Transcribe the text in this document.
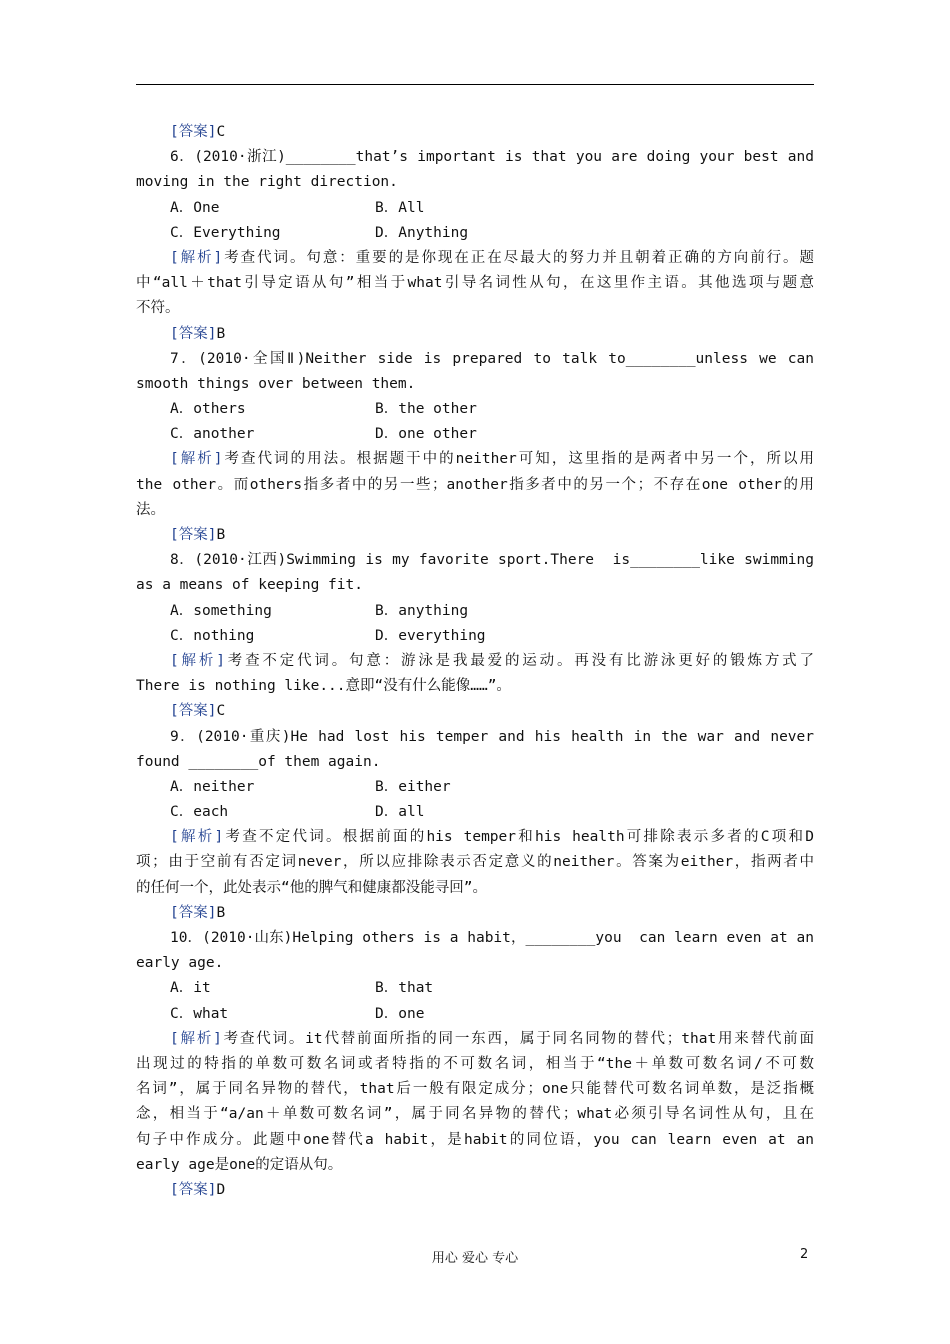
[答案]C
6．(2010·浙江)________that’s important is that you are doing your best and
moving in the right direction.
A．One	B．All
C．Everything	D．Anything
[解析]考查代词。句意：重要的是你现在正在尽最大的努力并且朝着正确的方向前行。题
中“all＋that引导定语从句”相当于what引导名词性从句，在这里作主语。其他选项与题意
不符。
[答案]B
7．(2010·全国Ⅱ)Neither side is prepared to talk to________unless we can
smooth things over between them.
A．others	B．the other
C．another	D．one other
[解析]考查代词的用法。根据题干中的neither可知，这里指的是两者中另一个，所以用
the other。而others指多者中的另一些；another指多者中的另一个；不存在one other的用
法。
[答案]B
8．(2010·江西)Swimming is my favorite sport.There  is________like swimming
as a means of keeping fit.
A．something	B．anything
C．nothing	D．everything
[解析]考查不定代词。句意：游泳是我最爱的运动。再没有比游泳更好的锻炼方式了
There is nothing like...意即“没有什么能像……”。
[答案]C
9．(2010·重庆)He had lost his temper and his health in the war and never
found ________of them again.
A．neither	B．either
C．each	D．all
[解析]考查不定代词。根据前面的his temper和his health可排除表示多者的C项和D
项；由于空前有否定词never，所以应排除表示否定意义的neither。答案为either，指两者中
的任何一个，此处表示“他的脾气和健康都没能寻回”。
[答案]B
10．(2010·山东)Helping others is a habit，________you  can learn even at an
early age.
A．it	B．that
C．what	D．one
[解析]考查代词。it代替前面所指的同一东西，属于同名同物的替代；that用来替代前面
出现过的特指的单数可数名词或者特指的不可数名词，相当于“the＋单数可数名词/不可数
名词”，属于同名异物的替代，that后一般有限定成分；one只能替代可数名词单数，是泛指概
念，相当于“a/an＋单数可数名词”，属于同名异物的替代；what必须引导名词性从句，且在
句子中作成分。此题中one替代a habit，是habit的同位语，you can learn even at an
early age是one的定语从句。
[答案]D
用心 爱心 专心	2
